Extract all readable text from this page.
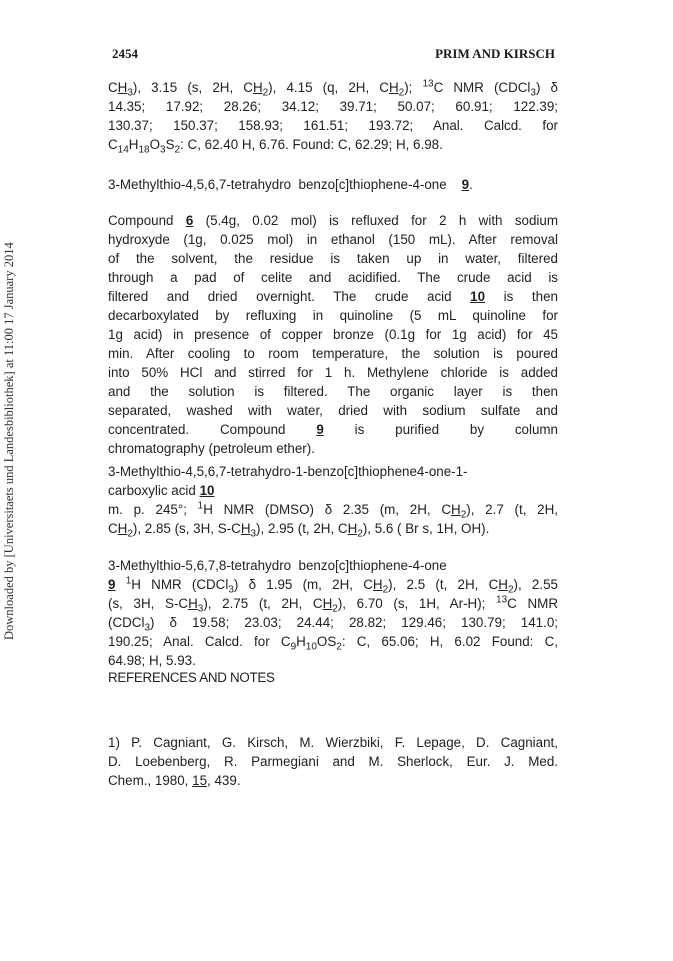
2454	PRIM AND KIRSCH
Downloaded by [Universitaets und Landesbibliothek] at 11:00 17 January 2014
$CH_3$), 3.15 (s, 2H, $CH_2$), 4.15 (q, 2H, $CH_2$); $^{13}$C NMR (CDCl$_3$) δ
14.35; 17.92; 28.26; 34.12; 39.71; 50.07; 60.91; 122.39;
130.37; 150.37; 158.93; 161.51; 193.72; Anal. Calcd. for
$C_{14}H_{18}O_3S_2$: C, 62.40 H, 6.76. Found: C, 62.29; H, 6.98.
3-Methylthio-4,5,6,7-tetrahydro  benzo[c]thiophene-4-one 9.
Compound 6 (5.4g, 0.02 mol) is refluxed for 2 h with sodium
hydroxyde (1g, 0.025 mol) in ethanol (150 mL). After removal
of the solvent, the residue is taken up in water, filtered
through a pad of celite and acidified. The crude acid is
filtered and dried overnight. The crude acid 10 is then
decarboxylated by refluxing in quinoline (5 mL quinoline for
1g acid) in presence of copper bronze (0.1g for 1g acid) for 45
min. After cooling to room temperature, the solution is poured
into 50% HCl and stirred for 1 h. Methylene chloride is added
and the solution is filtered. The organic layer is then
separated, washed with water, dried with sodium sulfate and
concentrated. Compound 9 is purified by column
chromatography (petroleum ether).
3-Methylthio-4,5,6,7-tetrahydro-1-benzo[c]thiophene4-one-1-
carboxylic acid 10
m. p. 245°; $^1$H NMR (DMSO) δ 2.35 (m, 2H, $CH_2$), 2.7 (t, 2H,
$CH_2$), 2.85 (s, 3H, $S-CH_3$), 2.95 (t, 2H, $CH_2$), 5.6 ( Br s, 1H, OH).
3-Methylthio-5,6,7,8-tetrahydro  benzo[c]thiophene-4-one
9 $^1$H NMR (CDCl$_3$) δ 1.95 (m, 2H, $CH_2$), 2.5 (t, 2H, $CH_2$), 2.55
(s, 3H, $S-CH_3$), 2.75 (t, 2H, $CH_2$), 6.70 (s, 1H, Ar-H); $^{13}$C NMR
(CDCl$_3$) δ 19.58; 23.03; 24.44; 28.82; 129.46; 130.79; 141.0;
190.25; Anal. Calcd. for $C_9H_{10}OS_2$: C, 65.06; H, 6.02 Found: C,
64.98; H, 5.93.
REFERENCES AND NOTES
1) P. Cagniant, G. Kirsch, M. Wierzbiki, F. Lepage, D. Cagniant,
D. Loebenberg, R. Parmegiani and M. Sherlock, Eur. J. Med.
Chem., 1980, 15, 439.
